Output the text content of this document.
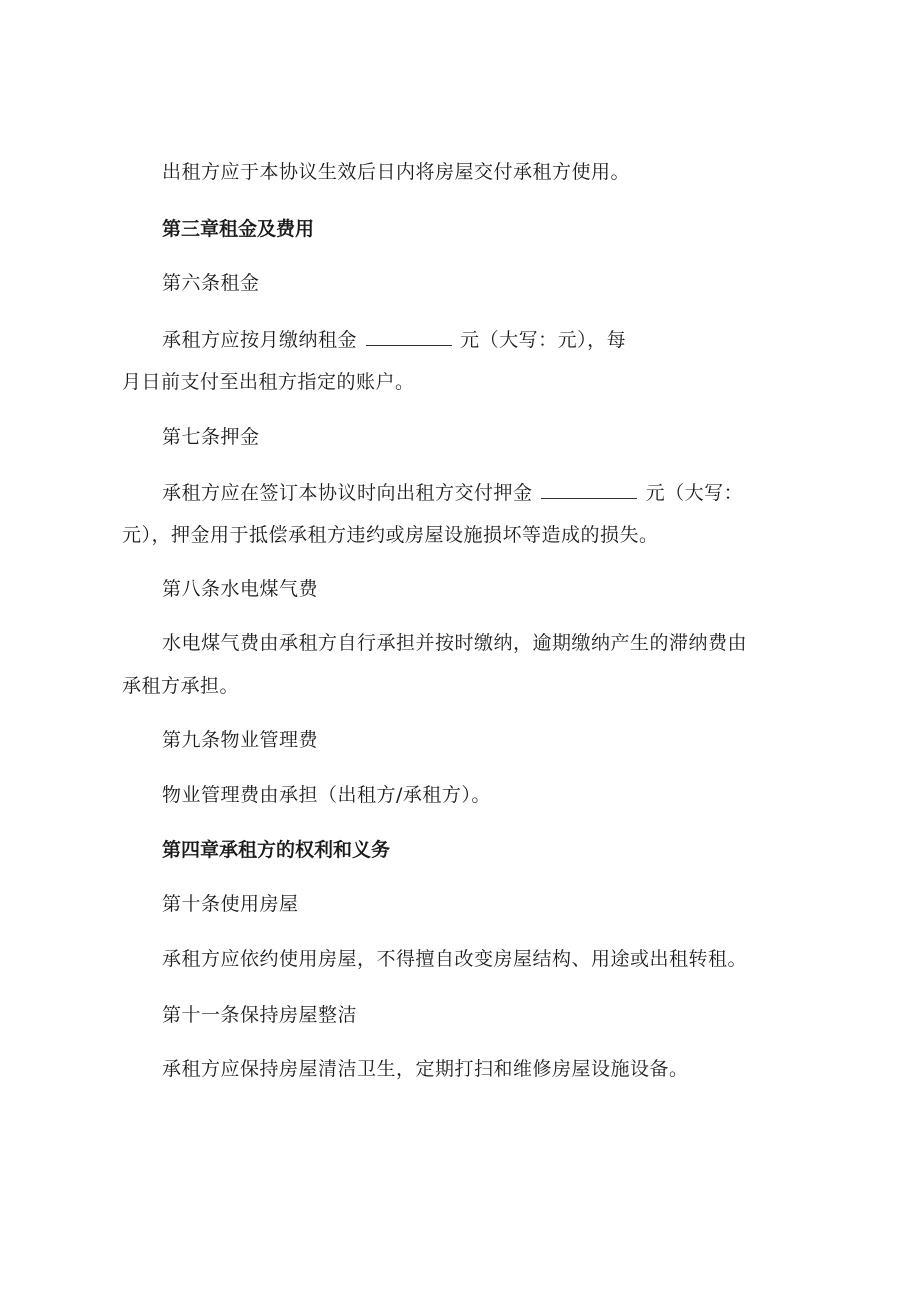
出租方应于本协议生效后日内将房屋交付承租方使用。
第三章租金及费用
第六条租金
承租方应按月缴纳租金	元（大写：元），每
月日前支付至出租方指定的账户。
第七条押金
承租方应在签订本协议时向出租方交付押金	元（大写：
元），押金用于抵偿承租方违约或房屋设施损坏等造成的损失。
第八条水电煤气费
水电煤气费由承租方自行承担并按时缴纳，逾期缴纳产生的滞纳费由
承租方承担。
第九条物业管理费
物业管理费由承担（出租方/承租方）。
第四章承租方的权利和义务
第十条使用房屋
承租方应依约使用房屋，不得擅自改变房屋结构、用途或出租转租。
第十一条保持房屋整洁
承租方应保持房屋清洁卫生，定期打扫和维修房屋设施设备。
